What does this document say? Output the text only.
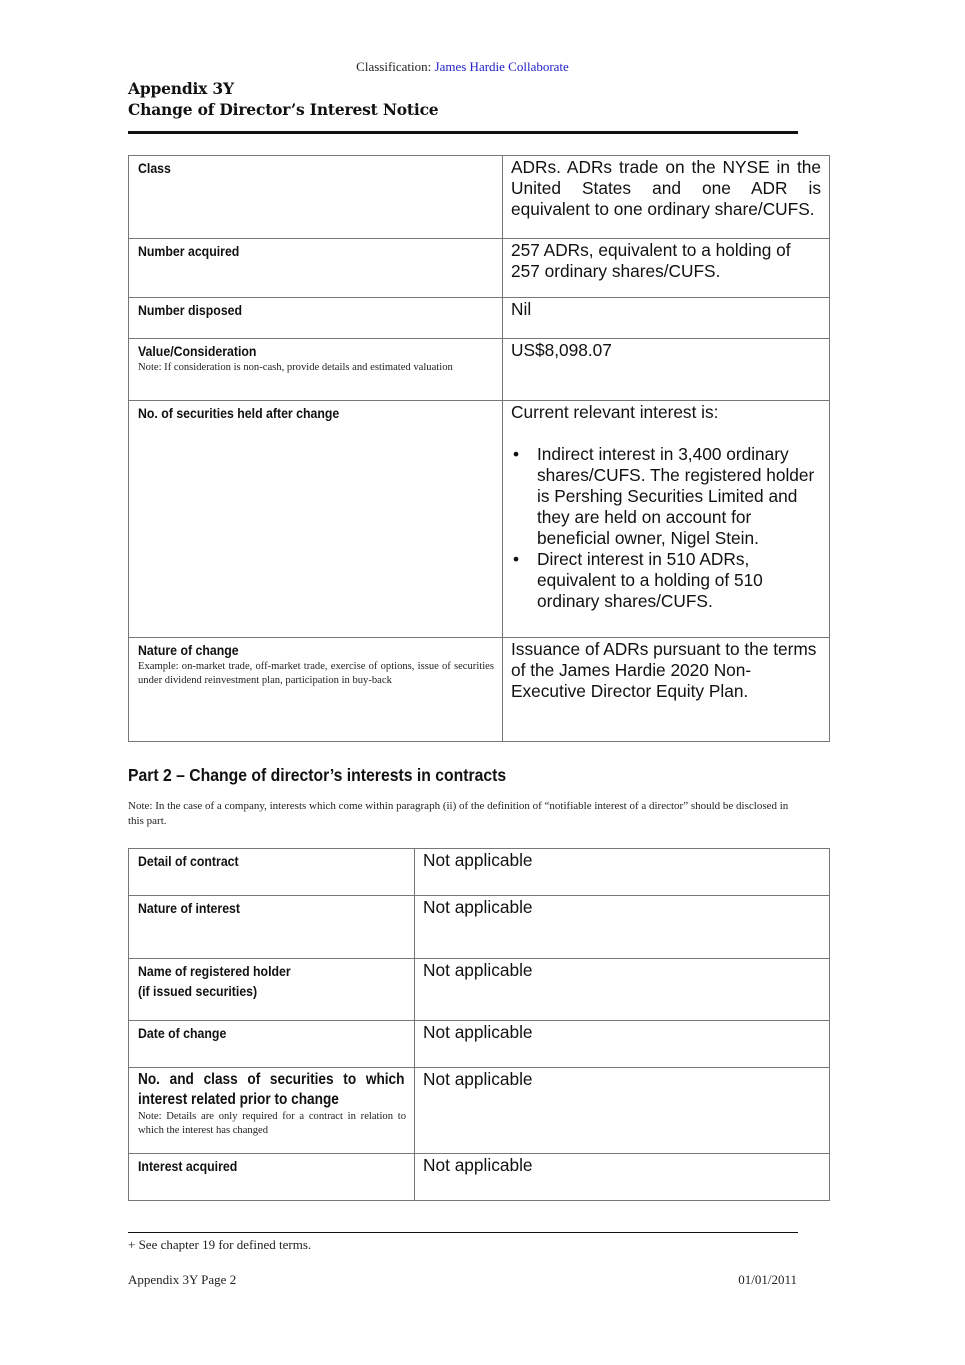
Classification: James Hardie Collaborate
Appendix 3Y
Change of Director’s Interest Notice
Class	ADRs. ADRs trade on the NYSE in the United States and one ADR is equivalent to one ordinary share/CUFS.

Number acquired	257 ADRs, equivalent to a holding of 257 ordinary shares/CUFS.

Number disposed	Nil

Value/Consideration
Note: If consideration is non-cash, provide details and estimated valuation	US$8,098.07

No. of securities held after change	Current relevant interest is:
• Indirect interest in 3,400 ordinary shares/CUFS. The registered holder is Pershing Securities Limited and they are held on account for beneficial owner, Nigel Stein.
• Direct interest in 510 ADRs, equivalent to a holding of 510 ordinary shares/CUFS.

Nature of change
Example: on-market trade, off-market trade, exercise of options, issue of securities under dividend reinvestment plan, participation in buy-back	Issuance of ADRs pursuant to the terms of the James Hardie 2020 Non-Executive Director Equity Plan.
Part 2 – Change of director’s interests in contracts
Note: In the case of a company, interests which come within paragraph (ii) of the definition of “notifiable interest of a director” should be disclosed in this part.
Detail of contract	Not applicable

Nature of interest	Not applicable

Name of registered holder
(if issued securities)	Not applicable

Date of change	Not applicable

No. and class of securities to which interest related prior to change
Note: Details are only required for a contract in relation to which the interest has changed	Not applicable

Interest acquired	Not applicable
+ See chapter 19 for defined terms.
Appendix 3Y Page 2	01/01/2011
